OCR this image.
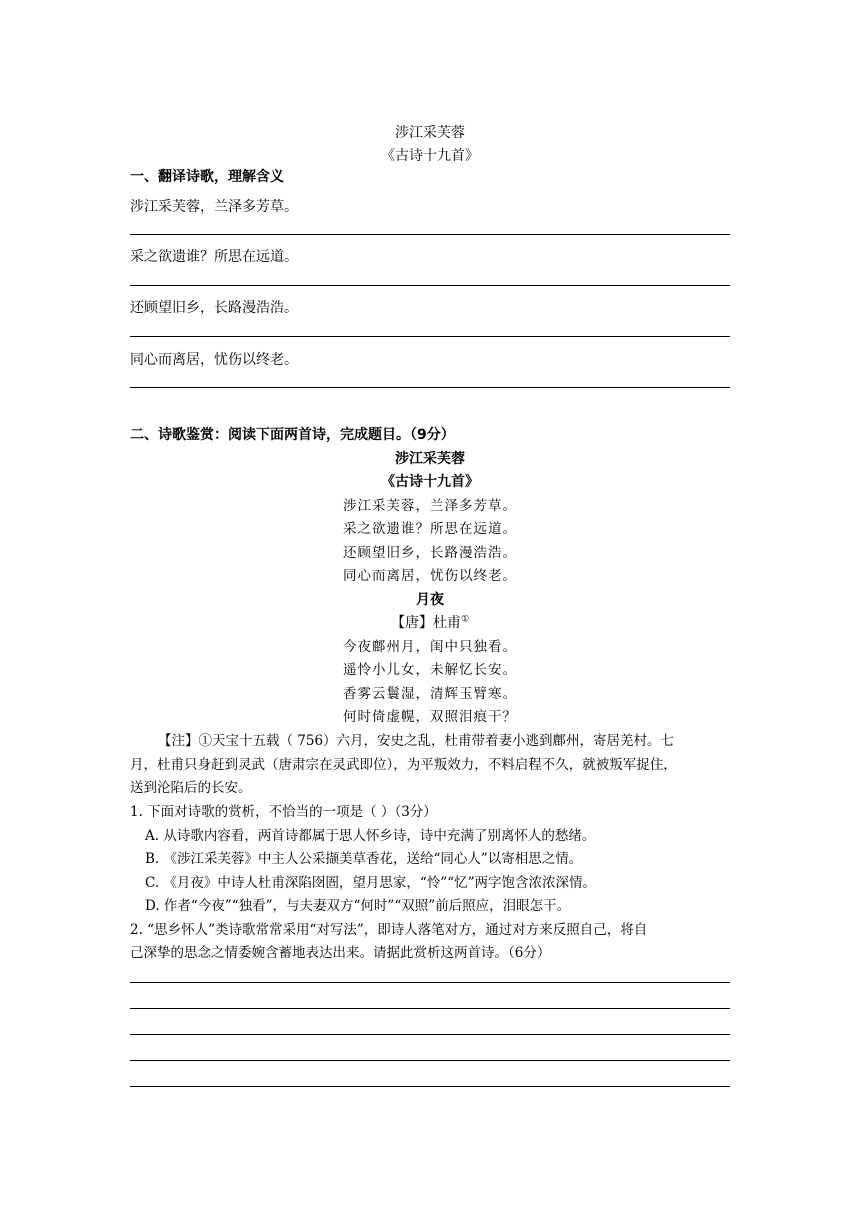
涉江采芙蓉
《古诗十九首》
一、翻译诗歌，理解含义
涉江采芙蓉，兰泽多芳草。
采之欲遗谁？所思在远道。
还顾望旧乡，长路漫浩浩。
同心而离居，忧伤以终老。
二、诗歌鉴赏：阅读下面两首诗，完成题目。（9分）
涉江采芙蓉
《古诗十九首》
涉江采芙蓉，兰泽多芳草。
采之欲遗谁？所思在远道。
还顾望旧乡，长路漫浩浩。
同心而离居，忧伤以终老。
月夜
【唐】杜甫①
今夜鄜州月，闺中只独看。
遥怜小儿女，未解忆长安。
香雾云鬟湿，清辉玉臂寒。
何时倚虚幌，双照泪痕干？
【注】①天宝十五载（ 756）六月，安史之乱，杜甫带着妻小逃到鄜州，寄居羌村。七
月，杜甫只身赶到灵武（唐肃宗在灵武即位），为平叛效力，不料启程不久，就被叛军捉住，
送到沦陷后的长安。
1. 下面对诗歌的赏析，不恰当的一项是（ ）（3分）
A. 从诗歌内容看，两首诗都属于思人怀乡诗，诗中充满了别离怀人的愁绪。
B. 《涉江采芙蓉》中主人公采撷美草香花，送给“同心人”以寄相思之情。
C. 《月夜》中诗人杜甫深陷囹圄，望月思家，“怜”“忆”两字饱含浓浓深情。
D. 作者“今夜”“独看”，与夫妻双方“何时”“双照”前后照应，泪眼怎干。
2. “思乡怀人”类诗歌常常采用“对写法”，即诗人落笔对方，通过对方来反照自己，将自
己深挚的思念之情委婉含蓄地表达出来。请据此赏析这两首诗。（6分）
